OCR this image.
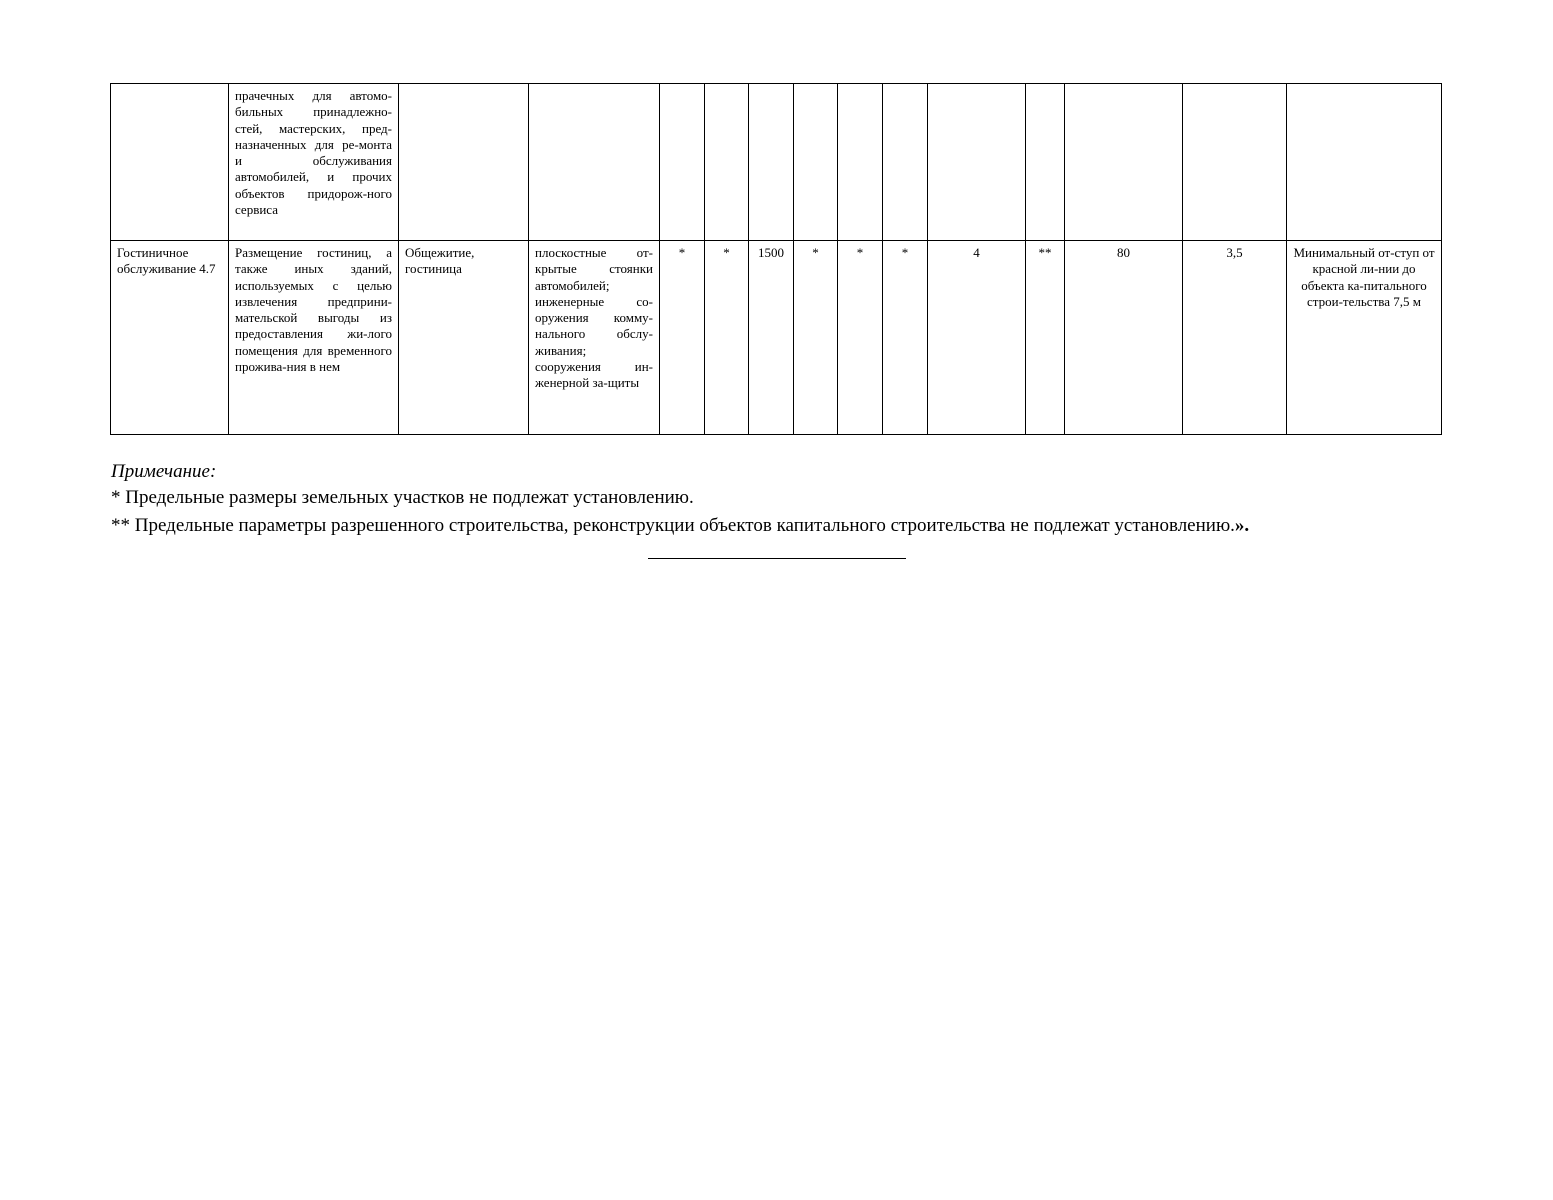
	прачечных для автомо-бильных принадлежно-стей, мастерских, пред-назначенных для ре-монта и обслуживания автомобилей, и прочих объектов придорож-ного сервиса													
Гостиничное обслуживание 4.7	Размещение гостиниц, а также иных зданий, используемых с целью извлечения предприни-мательской выгоды из предоставления жи-лого помещения для временного прожива-ния в нем	Общежитие, гостиница	плоскостные от-крытые стоянки автомобилей; инженерные со-оружения комму-нального обслу-живания; сооружения ин-женерной за-щиты	*	*	1500	*	*	*	4	**	80	3,5	Минимальный от-ступ от красной ли-нии до объекта ка-питального строи-тельства 7,5 м
Примечание:
* Предельные размеры земельных участков не подлежат установлению.
** Предельные параметры разрешенного строительства, реконструкции объектов капитального строительства не подлежат установлению.».
